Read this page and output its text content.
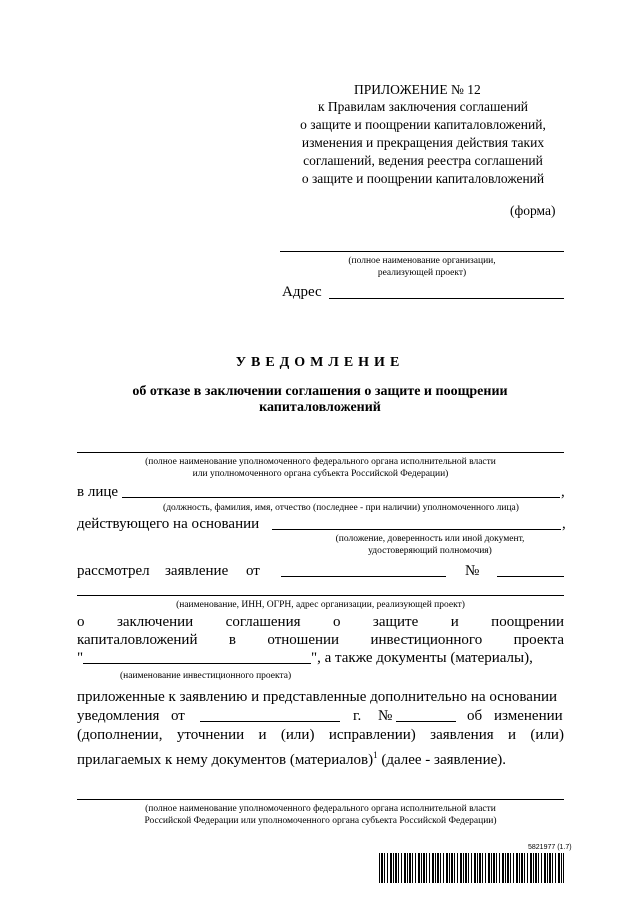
ПРИЛОЖЕНИЕ № 12
к Правилам заключения соглашений
о защите и поощрении капиталовложений,
изменения и прекращения действия таких
соглашений, ведения реестра соглашений
о защите и поощрении капиталовложений
(форма)
(полное наименование организации,
реализующей проект)
Адрес
УВЕДОМЛЕНИЕ
об отказе в заключении соглашения о защите и поощрении
капиталовложений
(полное наименование уполномоченного федерального органа исполнительной власти
или уполномоченного органа субъекта Российской Федерации)
в лице	,
(должность, фамилия, имя, отчество (последнее - при наличии) уполномоченного лица)
действующего на основании	,
(положение, доверенность или иной документ,
удостоверяющий полномочия)
рассмотрел заявление от	№
(наименование, ИНН, ОГРН, адрес организации, реализующей проект)
о заключении соглашения о защите и поощрении
капиталовложений в отношении инвестиционного проекта
"	", а также документы (материалы),
(наименование инвестиционного проекта)
приложенные к заявлению и представленные дополнительно на основании
уведомления от	г. №	об изменении
(дополнении, уточнении и (или) исправлении) заявления и (или)
прилагаемых к нему документов (материалов)$^1$ (далее - заявление).
(полное наименование уполномоченного федерального органа исполнительной власти
Российской Федерации или уполномоченного органа субъекта Российской Федерации)
5821977 (1.7)
